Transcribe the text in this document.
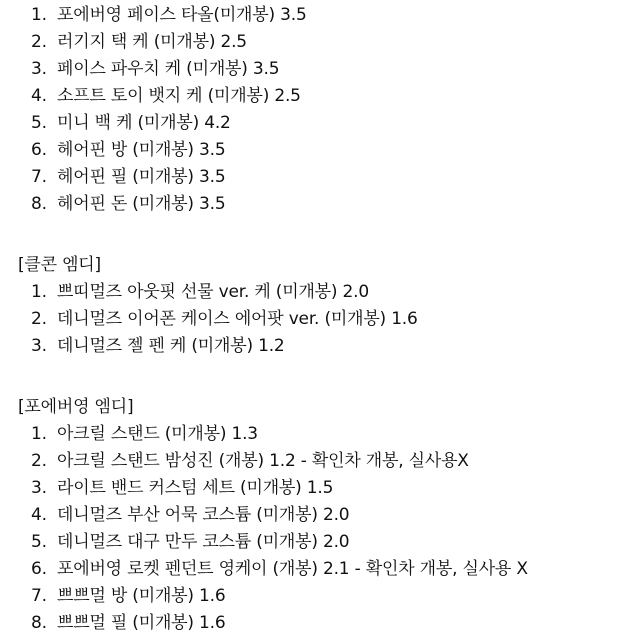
1. 포에버영 페이스 타올(미개봉) 3.5
2. 러기지 택 케 (미개봉) 2.5
3. 페이스 파우치 케 (미개봉) 3.5
4. 소프트 토이 뱃지 케 (미개봉) 2.5
5. 미니 백 케 (미개봉) 4.2
6. 헤어핀 방 (미개봉) 3.5
7. 헤어핀 필 (미개봉) 3.5
8. 헤어핀 돈 (미개봉) 3.5
[클콘 엠디]
1. 쁘띠멀즈 아웃핏 선물 ver. 케 (미개봉) 2.0
2. 데니멀즈 이어폰 케이스 에어팟 ver. (미개봉) 1.6
3. 데니멀즈 젤 펜 케 (미개봉) 1.2
[포에버영 엠디]
1. 아크릴 스탠드 (미개봉) 1.3
2. 아크릴 스탠드 밤성진 (개봉) 1.2 - 확인차 개봉, 실사용X
3. 라이트 밴드 커스텀 세트 (미개봉) 1.5
4. 데니멀즈 부산 어묵 코스튬 (미개봉) 2.0
5. 데니멀즈 대구 만두 코스튬 (미개봉) 2.0
6. 포에버영 로켓 펜던트 영케이 (개봉) 2.1 - 확인차 개봉, 실사용 X
7. 쁘쁘멀 방 (미개봉) 1.6
8. 쁘쁘멀 필 (미개봉) 1.6
